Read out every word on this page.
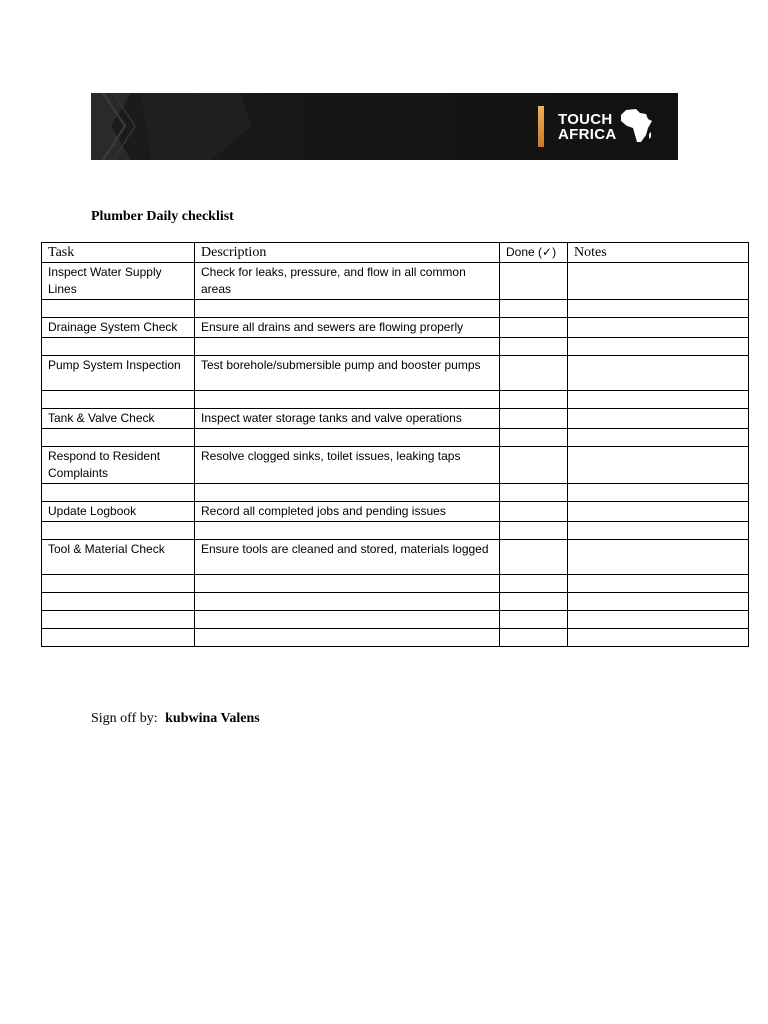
TOUCH
AFRICA
Plumber Daily checklist
Task	Description	Done (✓)	Notes
Inspect Water Supply Lines	Check for leaks, pressure, and flow in all common areas		

Drainage System Check	Ensure all drains and sewers are flowing properly		

Pump System Inspection	Test borehole/submersible pump and booster pumps		

Tank & Valve Check	Inspect water storage tanks and valve operations		

Respond to Resident Complaints	Resolve clogged sinks, toilet issues, leaking taps		

Update Logbook	Record all completed jobs and pending issues		

Tool & Material Check	Ensure tools are cleaned and stored, materials logged		

Sign off by: kubwina Valens
